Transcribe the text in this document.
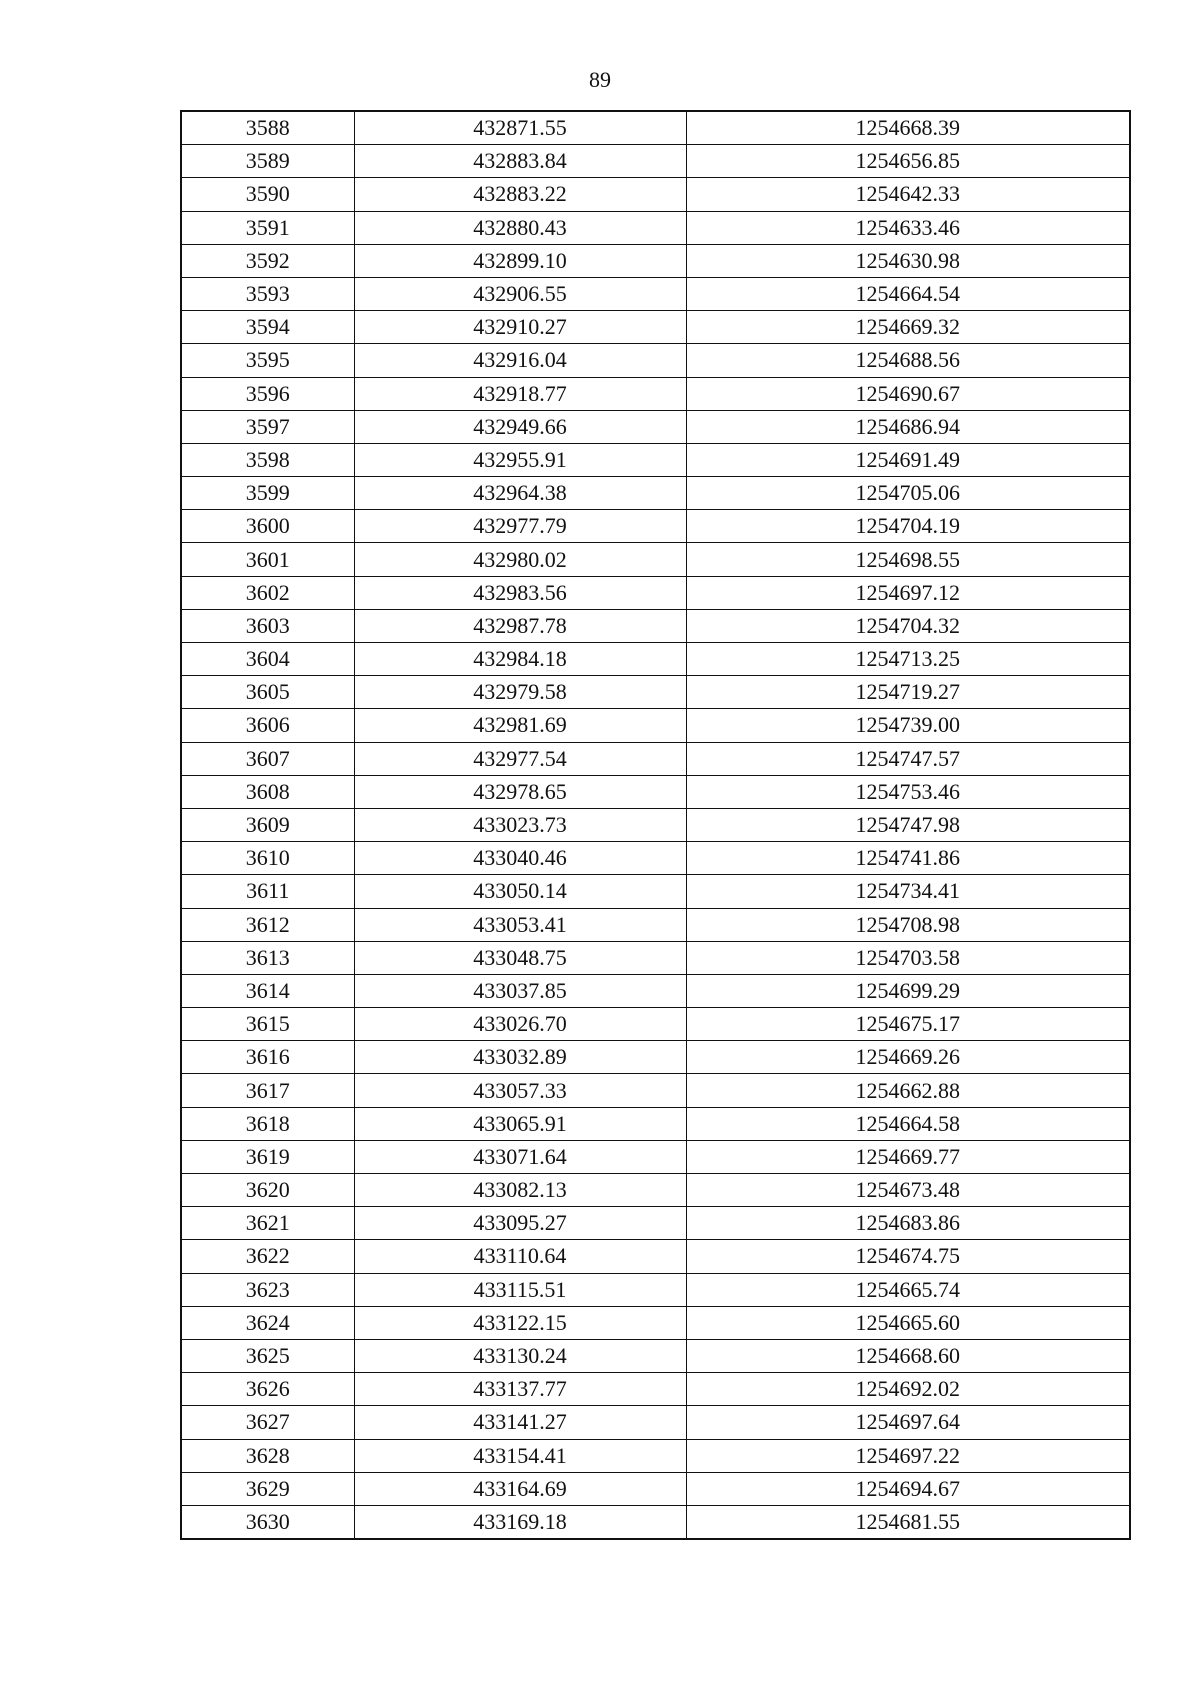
89
3588	432871.55	1254668.39
3589	432883.84	1254656.85
3590	432883.22	1254642.33
3591	432880.43	1254633.46
3592	432899.10	1254630.98
3593	432906.55	1254664.54
3594	432910.27	1254669.32
3595	432916.04	1254688.56
3596	432918.77	1254690.67
3597	432949.66	1254686.94
3598	432955.91	1254691.49
3599	432964.38	1254705.06
3600	432977.79	1254704.19
3601	432980.02	1254698.55
3602	432983.56	1254697.12
3603	432987.78	1254704.32
3604	432984.18	1254713.25
3605	432979.58	1254719.27
3606	432981.69	1254739.00
3607	432977.54	1254747.57
3608	432978.65	1254753.46
3609	433023.73	1254747.98
3610	433040.46	1254741.86
3611	433050.14	1254734.41
3612	433053.41	1254708.98
3613	433048.75	1254703.58
3614	433037.85	1254699.29
3615	433026.70	1254675.17
3616	433032.89	1254669.26
3617	433057.33	1254662.88
3618	433065.91	1254664.58
3619	433071.64	1254669.77
3620	433082.13	1254673.48
3621	433095.27	1254683.86
3622	433110.64	1254674.75
3623	433115.51	1254665.74
3624	433122.15	1254665.60
3625	433130.24	1254668.60
3626	433137.77	1254692.02
3627	433141.27	1254697.64
3628	433154.41	1254697.22
3629	433164.69	1254694.67
3630	433169.18	1254681.55
